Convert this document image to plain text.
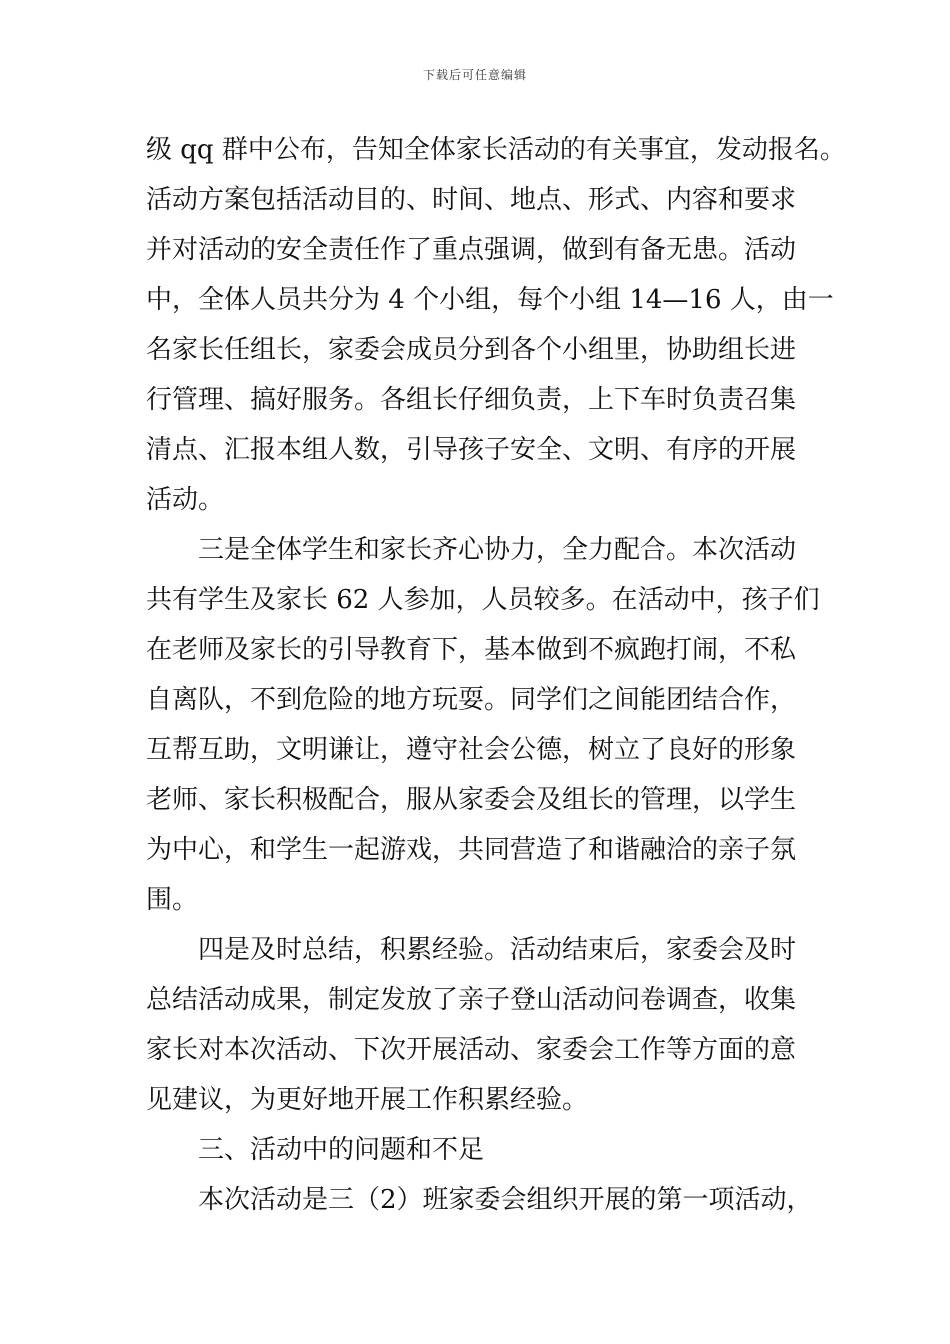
下载后可任意编辑
级 qq 群中公布，告知全体家长活动的有关事宜，发动报名。
活动方案包括活动目的、时间、地点、形式、内容和要求
并对活动的安全责任作了重点强调，做到有备无患。活动
中，全体人员共分为 4 个小组，每个小组 14—16 人，由一
名家长任组长，家委会成员分到各个小组里，协助组长进
行管理、搞好服务。各组长仔细负责，上下车时负责召集
清点、汇报本组人数，引导孩子安全、文明、有序的开展
活动。
三是全体学生和家长齐心协力，全力配合。本次活动
共有学生及家长 62 人参加，人员较多。在活动中，孩子们
在老师及家长的引导教育下，基本做到不疯跑打闹，不私
自离队，不到危险的地方玩耍。同学们之间能团结合作，
互帮互助，文明谦让，遵守社会公德，树立了良好的形象
老师、家长积极配合，服从家委会及组长的管理，以学生
为中心，和学生一起游戏，共同营造了和谐融洽的亲子氛
围。
四是及时总结，积累经验。活动结束后，家委会及时
总结活动成果，制定发放了亲子登山活动问卷调查，收集
家长对本次活动、下次开展活动、家委会工作等方面的意
见建议，为更好地开展工作积累经验。
三、活动中的问题和不足
本次活动是三（2）班家委会组织开展的第一项活动，
